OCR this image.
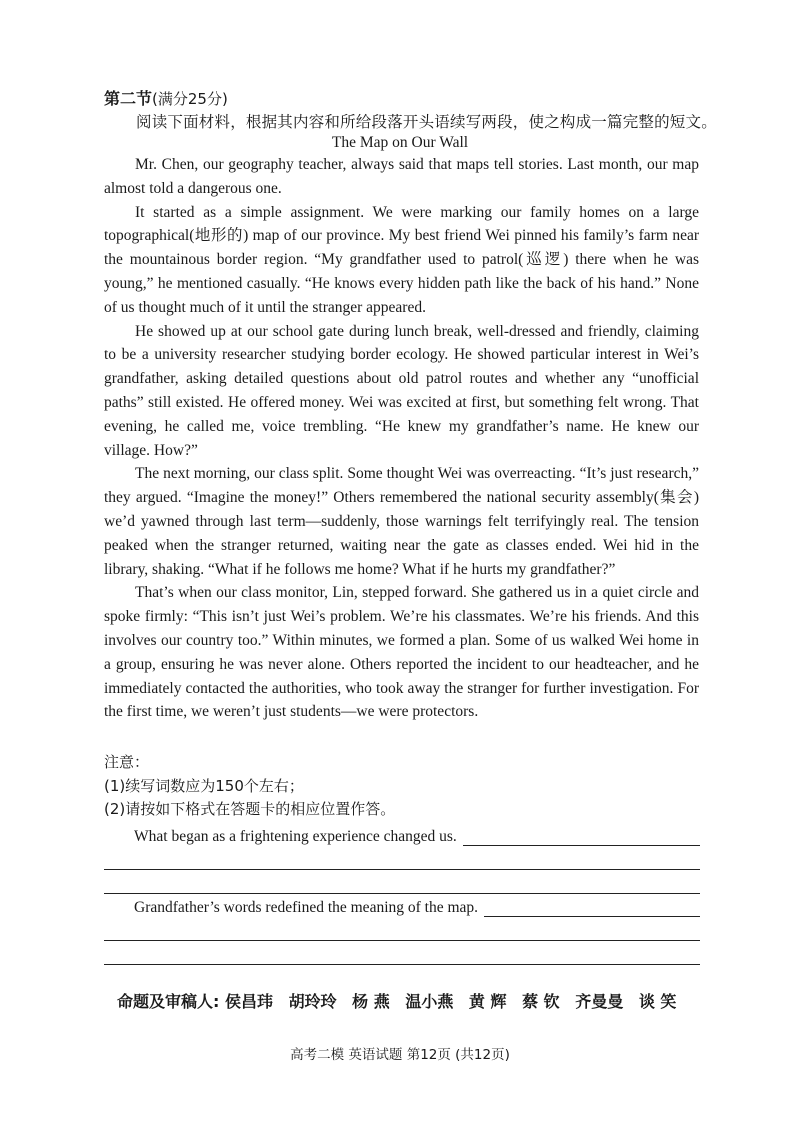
第二节(满分25分)
阅读下面材料，根据其内容和所给段落开头语续写两段，使之构成一篇完整的短文。
The Map on Our Wall

Mr. Chen, our geography teacher, always said that maps tell stories. Last month, our map almost told a dangerous one.

It started as a simple assignment. We were marking our family homes on a large topographical(地形的) map of our province. My best friend Wei pinned his family’s farm near the mountainous border region. “My grandfather used to patrol(巡逻) there when he was young,” he mentioned casually. “He knows every hidden path like the back of his hand.” None of us thought much of it until the stranger appeared.

He showed up at our school gate during lunch break, well-dressed and friendly, claiming to be a university researcher studying border ecology. He showed particular interest in Wei’s grandfather, asking detailed questions about old patrol routes and whether any “unofficial paths” still existed. He offered money. Wei was excited at first, but something felt wrong. That evening, he called me, voice trembling. “He knew my grandfather’s name. He knew our village. How?”

The next morning, our class split. Some thought Wei was overreacting. “It’s just research,” they argued. “Imagine the money!” Others remembered the national security assembly(集会) we’d yawned through last term—suddenly, those warnings felt terrifyingly real. The tension peaked when the stranger returned, waiting near the gate as classes ended. Wei hid in the library, shaking. “What if he follows me home? What if he hurts my grandfather?”

That’s when our class monitor, Lin, stepped forward. She gathered us in a quiet circle and spoke firmly: “This isn’t just Wei’s problem. We’re his classmates. We’re his friends. And this involves our country too.” Within minutes, we formed a plan. Some of us walked Wei home in a group, ensuring he was never alone. Others reported the incident to our headteacher, and he immediately contacted the authorities, who took away the stranger for further investigation. For the first time, we weren’t just students—we were protectors.

注意：
(1)续写词数应为150个左右；
(2)请按如下格式在答题卡的相应位置作答。
What began as a frightening experience changed us.
Grandfather’s words redefined the meaning of the map.
命题及审稿人: 侯昌玮 胡玲玲 杨 燕 温小燕 黄 辉 蔡 钦 齐曼曼 谈 笑
高考二模 英语试题 第12页 (共12页)
